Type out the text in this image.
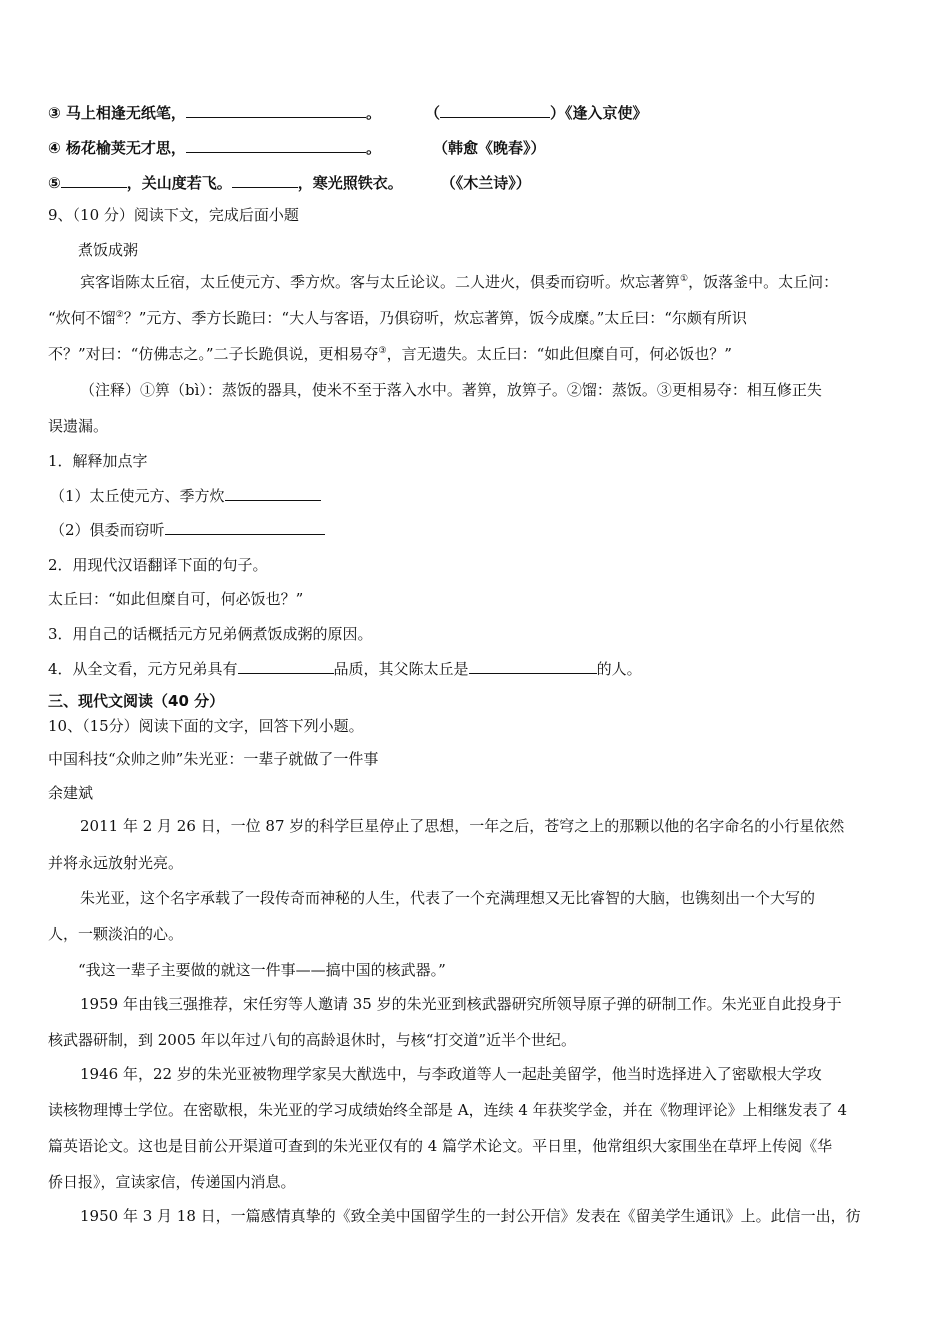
③ 马上相逢无纸笔，	。	（	）《逢入京使》
④ 杨花榆荚无才思，	。	（韩愈《晚春》）
⑤	，关山度若飞。	，寒光照铁衣。	（《木兰诗》）
9、（10 分）阅读下文，完成后面小题
煮饭成粥
宾客诣陈太丘宿，太丘使元方、季方炊。客与太丘论议。二人进火，俱委而窃听。炊忘著箅①，饭落釜中。太丘问：
“炊何不馏②？”元方、季方长跪曰：“大人与客语，乃俱窃听，炊忘著箅，饭今成糜。”太丘曰：“尔颇有所识
不？”对曰：“仿佛志之。”二子长跪俱说，更相易夺③，言无遗失。太丘曰：“如此但糜自可，何必饭也？”
（注释）①箅（bì）：蒸饭的器具，使米不至于落入水中。著箅，放箅子。②馏：蒸饭。③更相易夺：相互修正失
误遗漏。
1．解释加点字
（1）太丘使元方、季方炊
（2）俱委而窃听
2．用现代汉语翻译下面的句子。
太丘曰：“如此但糜自可，何必饭也？”
3．用自己的话概括元方兄弟俩煮饭成粥的原因。
4．从全文看，元方兄弟具有	品质，其父陈太丘是	的人。
三、现代文阅读（40 分）
10、（15分）阅读下面的文字，回答下列小题。
中国科技“众帅之帅”朱光亚：一辈子就做了一件事
余建斌
2011 年 2 月 26 日，一位 87 岁的科学巨星停止了思想，一年之后，苍穹之上的那颗以他的名字命名的小行星依然
并将永远放射光亮。
朱光亚，这个名字承载了一段传奇而神秘的人生，代表了一个充满理想又无比睿智的大脑，也镌刻出一个大写的
人，一颗淡泊的心。
“我这一辈子主要做的就这一件事——搞中国的核武器。”
1959 年由钱三强推荐，宋任穷等人邀请 35 岁的朱光亚到核武器研究所领导原子弹的研制工作。朱光亚自此投身于
核武器研制，到 2005 年以年过八旬的高龄退休时，与核“打交道”近半个世纪。
1946 年，22 岁的朱光亚被物理学家吴大猷选中，与李政道等人一起赴美留学，他当时选择进入了密歇根大学攻
读核物理博士学位。在密歇根，朱光亚的学习成绩始终全部是 A，连续 4 年获奖学金，并在《物理评论》上相继发表了 4
篇英语论文。这也是目前公开渠道可查到的朱光亚仅有的 4 篇学术论文。平日里，他常组织大家围坐在草坪上传阅《华
侨日报》，宣读家信，传递国内消息。
1950 年 3 月 18 日，一篇感情真挚的《致全美中国留学生的一封公开信》发表在《留美学生通讯》上。此信一出，彷
